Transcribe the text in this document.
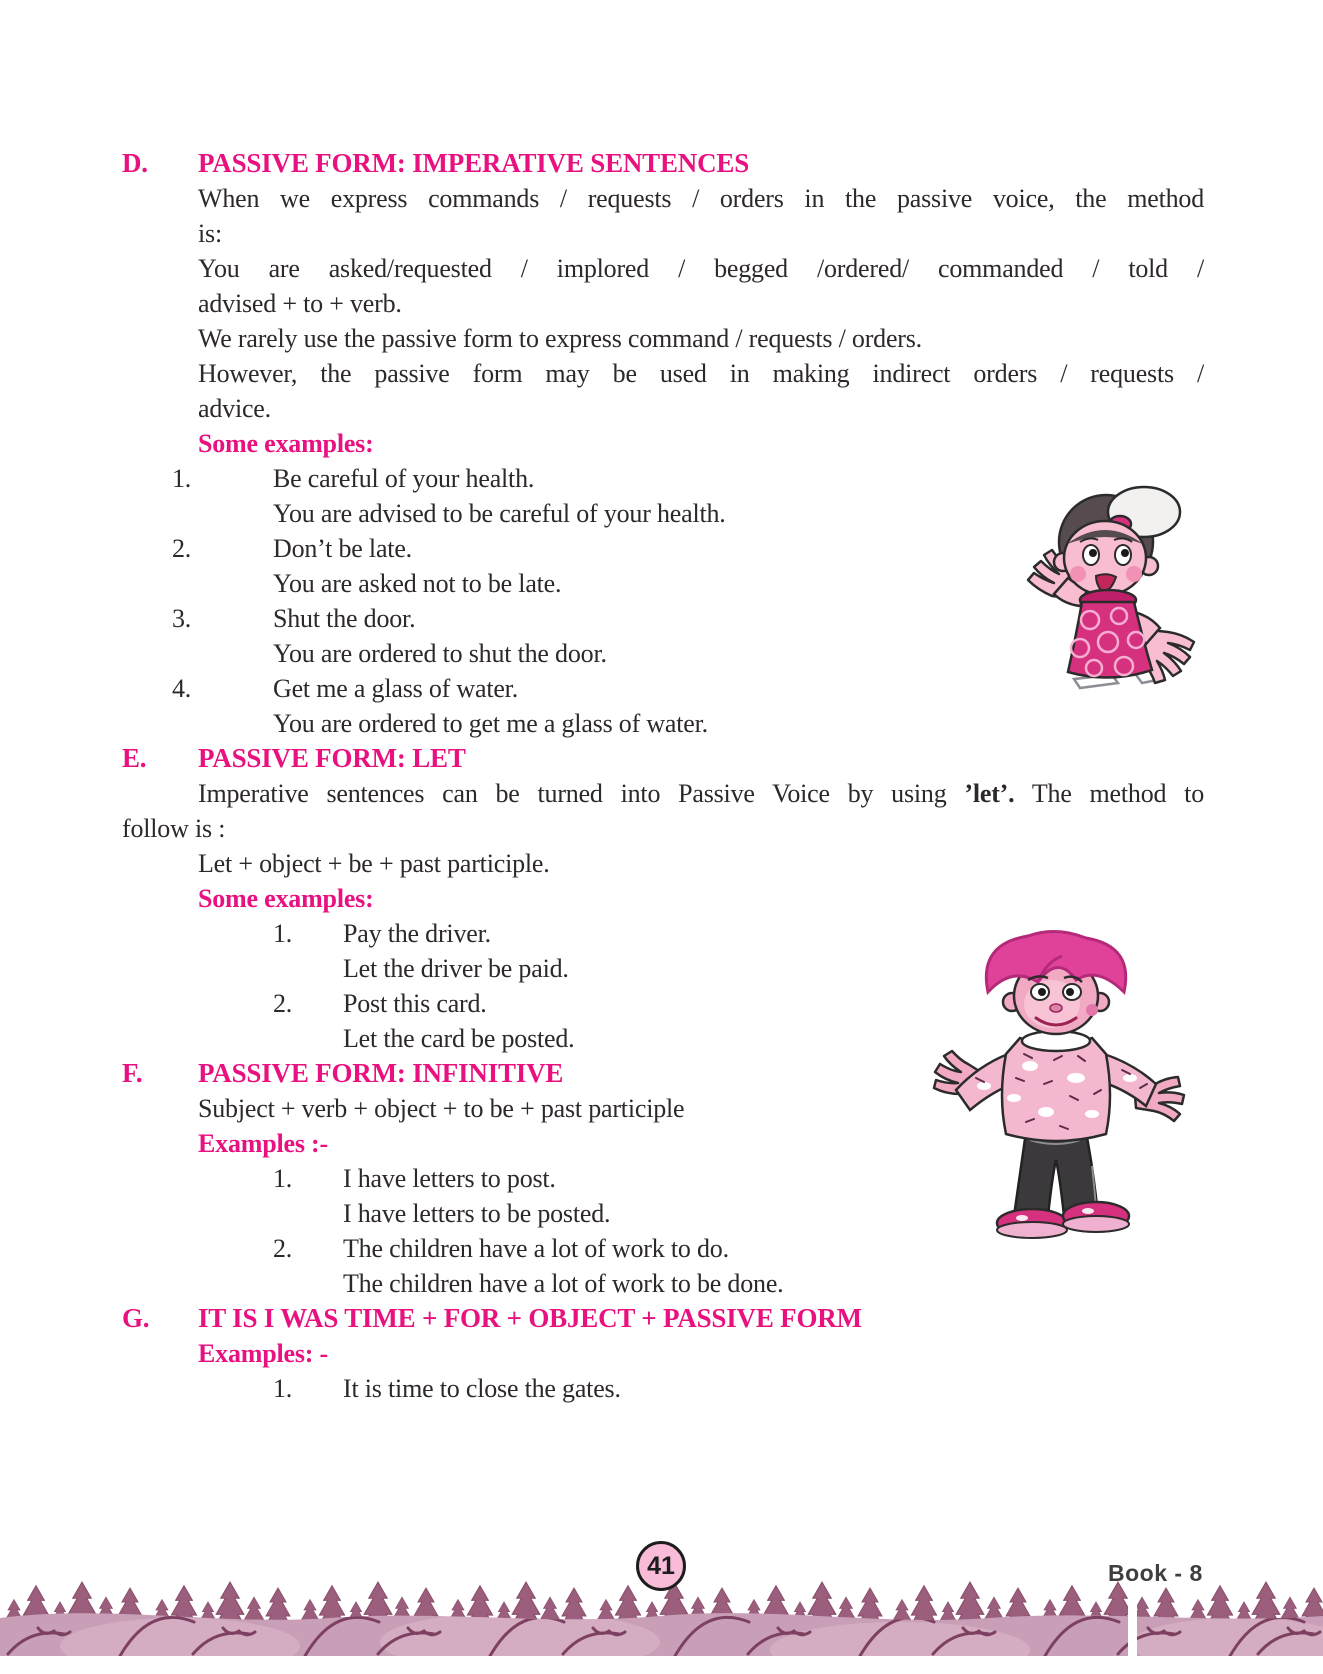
D.	PASSIVE FORM: IMPERATIVE SENTENCES
When we express commands / requests / orders in the passive voice, the method
is:
You are asked/requested / implored / begged /ordered/ commanded / told /
advised + to + verb.
We rarely use the passive form to express command / requests / orders.
However, the passive form may be used in making indirect orders / requests /
advice.
Some examples:
1.	Be careful of your health.
You are advised to be careful of your health.
2.	Don’t be late.
You are asked not to be late.
3.	Shut the door.
You are ordered to shut the door.
4.	Get me a glass of water.
You are ordered to get me a glass of water.
E.	PASSIVE FORM: LET
Imperative sentences can be turned into Passive Voice by using ’let’. The method to
follow is :
Let + object + be + past participle.
Some examples:
1. Pay the driver.
Let the driver be paid.
2. Post this card.
Let the card be posted.
F.	PASSIVE FORM: INFINITIVE
Subject + verb + object + to be + past participle
Examples :-
1. I have letters to post.
I have letters to be posted.
2. The children have a lot of work to do.
The children have a lot of work to be done.
G.	IT IS I WAS TIME + FOR + OBJECT + PASSIVE FORM
Examples: -
1. It is time to close the gates.
41	Book - 8
